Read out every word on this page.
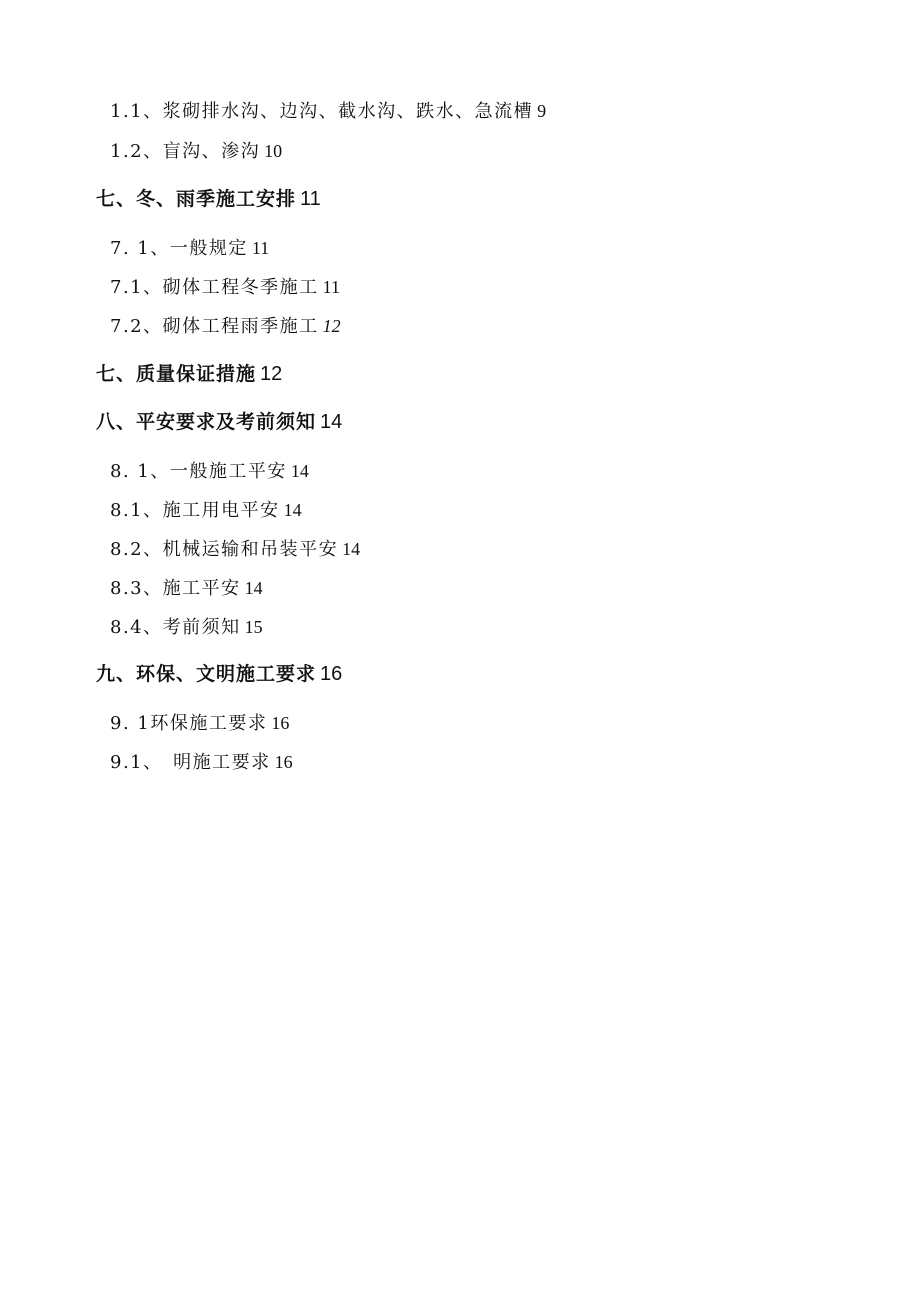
1.1、浆砌排水沟、边沟、截水沟、跌水、急流槽 9
1.2、盲沟、渗沟 10
七、冬、雨季施工安排 11
7. 1、一般规定 11
7.1、砌体工程冬季施工 11
7.2、砌体工程雨季施工 12
七、质量保证措施 12
八、平安要求及考前须知 14
8. 1、一般施工平安 14
8.1、施工用电平安 14
8.2、机械运输和吊装平安 14
8.3、施工平安 14
8.4、考前须知 15
九、环保、文明施工要求 16
9. 1环保施工要求 16
9.1、　明施工要求 16
